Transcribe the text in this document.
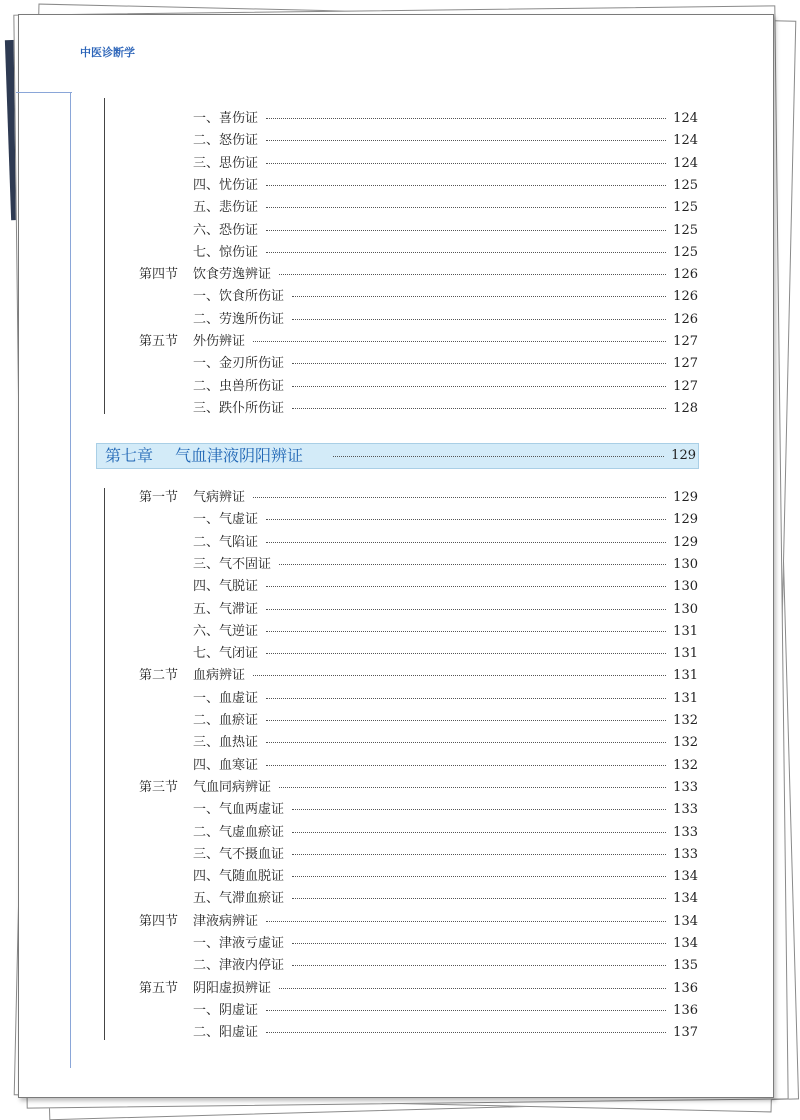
中医诊断学
第七章 气血津液阴阳辨证	129
一、喜伤证	124
二、怒伤证	124
三、思伤证	124
四、忧伤证	125
五、悲伤证	125
六、恐伤证	125
七、惊伤证	125
第四节 饮食劳逸辨证	126
一、饮食所伤证	126
二、劳逸所伤证	126
第五节 外伤辨证	127
一、金刃所伤证	127
二、虫兽所伤证	127
三、跌仆所伤证	128
第一节 气病辨证	129
一、气虚证	129
二、气陷证	129
三、气不固证	130
四、气脱证	130
五、气滞证	130
六、气逆证	131
七、气闭证	131
第二节 血病辨证	131
一、血虚证	131
二、血瘀证	132
三、血热证	132
四、血寒证	132
第三节 气血同病辨证	133
一、气血两虚证	133
二、气虚血瘀证	133
三、气不摄血证	133
四、气随血脱证	134
五、气滞血瘀证	134
第四节 津液病辨证	134
一、津液亏虚证	134
二、津液内停证	135
第五节 阴阳虚损辨证	136
一、阴虚证	136
二、阳虚证	137
